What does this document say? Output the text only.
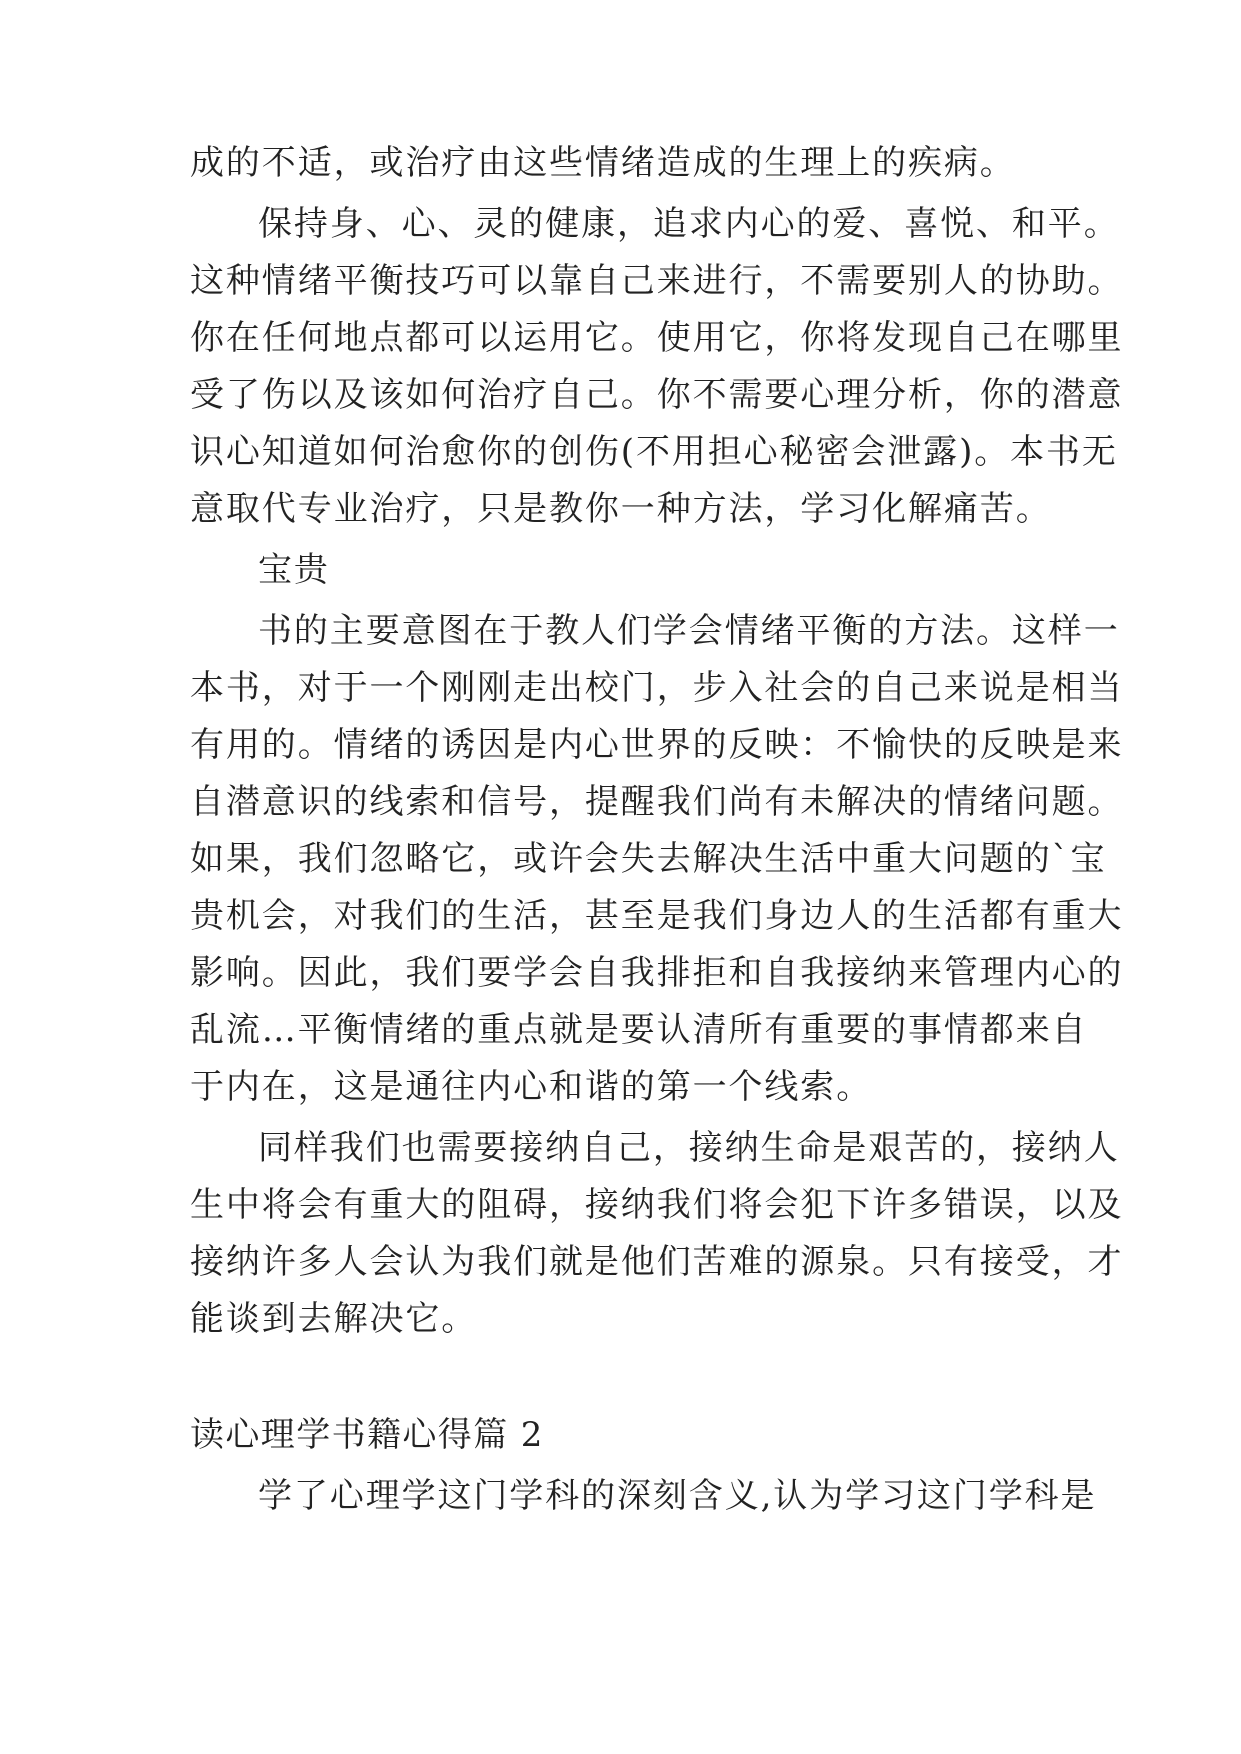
成的不适，或治疗由这些情绪造成的生理上的疾病。
保持身、心、灵的健康，追求内心的爱、喜悦、和平。
这种情绪平衡技巧可以靠自己来进行，不需要别人的协助。
你在任何地点都可以运用它。使用它，你将发现自己在哪里
受了伤以及该如何治疗自己。你不需要心理分析，你的潜意
识心知道如何治愈你的创伤(不用担心秘密会泄露)。本书无
意取代专业治疗，只是教你一种方法，学习化解痛苦。
宝贵
书的主要意图在于教人们学会情绪平衡的方法。这样一
本书，对于一个刚刚走出校门，步入社会的自己来说是相当
有用的。情绪的诱因是内心世界的反映：不愉快的反映是来
自潜意识的线索和信号，提醒我们尚有未解决的情绪问题。
如果，我们忽略它，或许会失去解决生活中重大问题的`宝
贵机会，对我们的生活，甚至是我们身边人的生活都有重大
影响。因此，我们要学会自我排拒和自我接纳来管理内心的
乱流…平衡情绪的重点就是要认清所有重要的事情都来自
于内在，这是通往内心和谐的第一个线索。
同样我们也需要接纳自己，接纳生命是艰苦的，接纳人
生中将会有重大的阻碍，接纳我们将会犯下许多错误，以及
接纳许多人会认为我们就是他们苦难的源泉。只有接受，才
能谈到去解决它。
读心理学书籍心得篇 2
学了心理学这门学科的深刻含义,认为学习这门学科是
